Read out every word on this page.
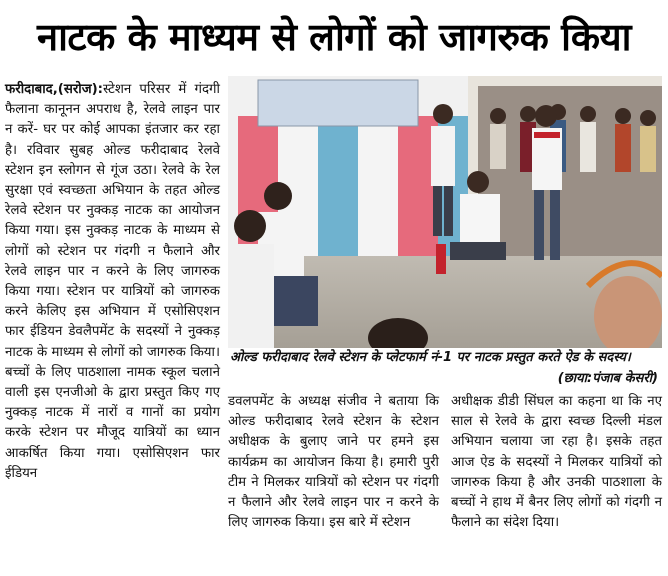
नाटक के माध्यम से लोगों को जागरुक किया
फरीदाबाद,(सरोज):स्टेशन परिसर में गंदगी फैलाना कानूनन अपराध है, रेलवे लाइन पार न करें- घर पर कोई आपका इंतजार कर रहा है। रविवार सुबह ओल्ड फरीदाबाद रेलवे स्टेशन इन स्लोगन से गूंज उठा। रेलवे के रेल सुरक्षा एवं स्वच्छता अभियान के तहत ओल्ड रेलवे स्टेशन पर नुक्कड़ नाटक का आयोजन किया गया। इस नुक्कड़ नाटक के माध्यम से लोगों को स्टेशन पर गंदगी न फैलाने और रेलवे लाइन पार न करने के लिए जागरुक किया गया। स्टेशन पर यात्रियों को जागरुक करने केलिए इस अभियान में एसोसिएशन फार ईडियन डेवलैपमेंट के सदस्यों ने नुक्कड़ नाटक के माध्यम से लोगों को जागरुक किया। बच्चों के लिए पाठशाला नामक स्कूल चलाने वाली इस एनजीओ के द्वारा प्रस्तुत किए गए नुक्कड़ नाटक में नारों व गानों का प्रयोग करके स्टेशन पर मौजूद यात्रियों का ध्यान आकर्षित किया गया। एसोसिएशन फार ईडियन
ओल्ड फरीदाबाद रेलवे स्टेशन के प्लेटफार्म नं-1 पर नाटक प्रस्तुत करते ऐड के सदस्य।
(छाया:पंजाब केसरी)
डवलपमेंट के अध्यक्ष संजीव ने बताया कि ओल्ड फरीदाबाद रेलवे स्टेशन के स्टेशन अधीक्षक के बुलाए जाने पर हमने इस कार्यक्रम का आयोजन किया है। हमारी पुरी टीम ने मिलकर यात्रियों को स्टेशन पर गंदगी न फैलाने और रेलवे लाइन पार न करने के लिए जागरुक किया। इस बारे में स्टेशन
अधीक्षक डीडी सिंघल का कहना था कि नए साल से रेलवे के द्वारा स्वच्छ दिल्ली मंडल अभियान चलाया जा रहा है। इसके तहत आज ऐड के सदस्यों ने मिलकर यात्रियों को जागरुक किया है और उनकी पाठशाला के बच्चों ने हाथ में बैनर लिए लोगों को गंदगी न फैलाने का संदेश दिया।
